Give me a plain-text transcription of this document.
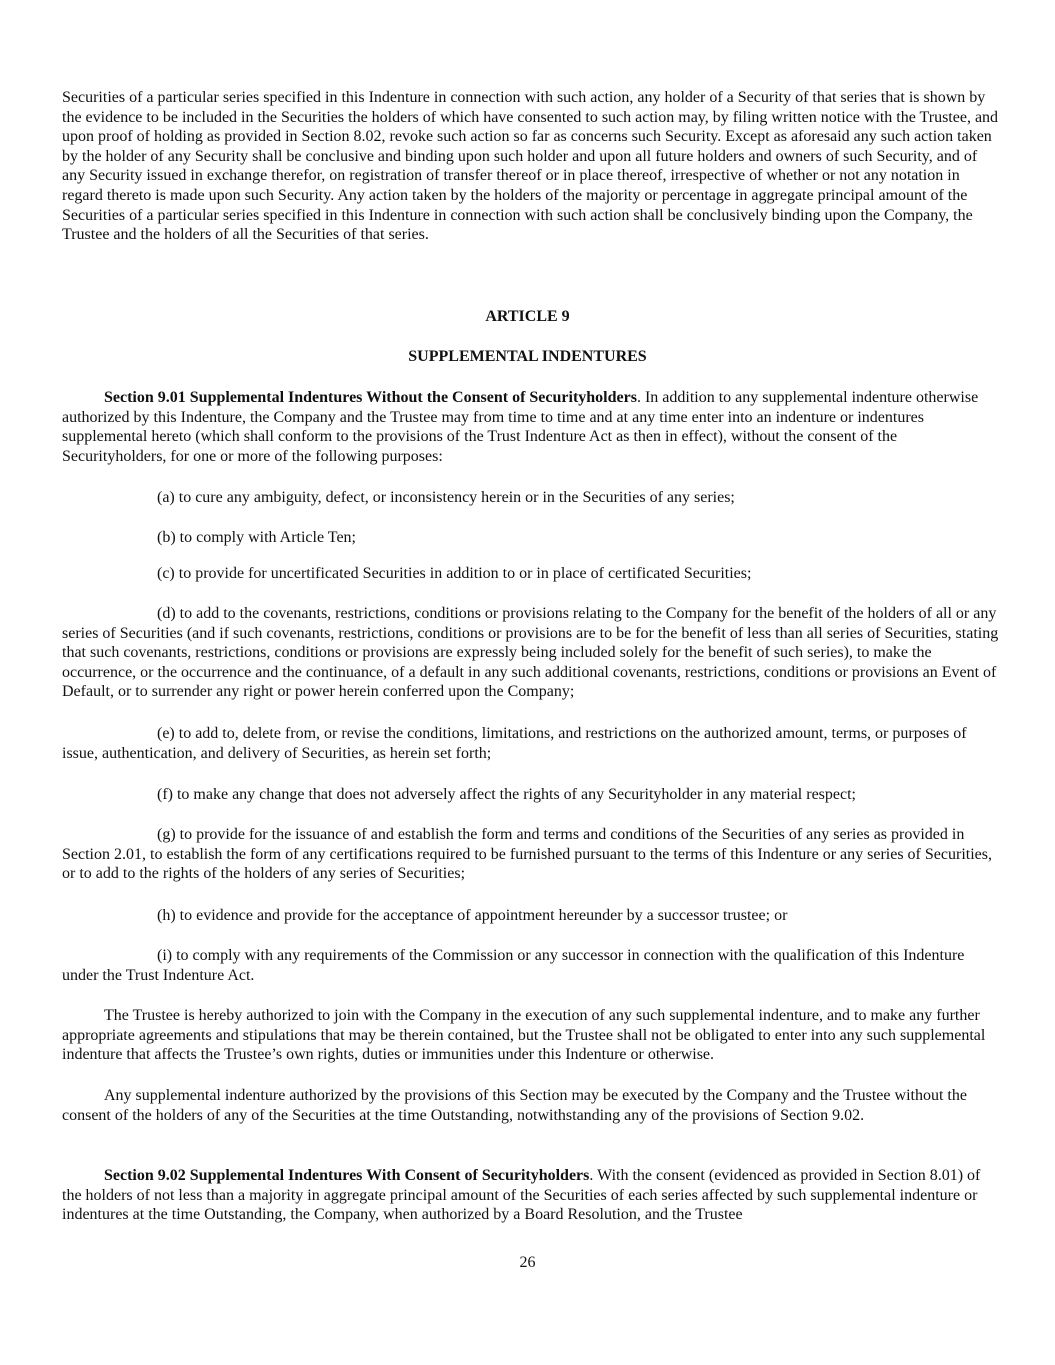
Securities of a particular series specified in this Indenture in connection with such action, any holder of a Security of that series that is shown by the evidence to be included in the Securities the holders of which have consented to such action may, by filing written notice with the Trustee, and upon proof of holding as provided in Section 8.02, revoke such action so far as concerns such Security. Except as aforesaid any such action taken by the holder of any Security shall be conclusive and binding upon such holder and upon all future holders and owners of such Security, and of any Security issued in exchange therefor, on registration of transfer thereof or in place thereof, irrespective of whether or not any notation in regard thereto is made upon such Security. Any action taken by the holders of the majority or percentage in aggregate principal amount of the Securities of a particular series specified in this Indenture in connection with such action shall be conclusively binding upon the Company, the Trustee and the holders of all the Securities of that series.

ARTICLE 9

SUPPLEMENTAL INDENTURES

Section 9.01 Supplemental Indentures Without the Consent of Securityholders. In addition to any supplemental indenture otherwise authorized by this Indenture, the Company and the Trustee may from time to time and at any time enter into an indenture or indentures supplemental hereto (which shall conform to the provisions of the Trust Indenture Act as then in effect), without the consent of the Securityholders, for one or more of the following purposes:

(a) to cure any ambiguity, defect, or inconsistency herein or in the Securities of any series;

(b) to comply with Article Ten;

(c) to provide for uncertificated Securities in addition to or in place of certificated Securities;

(d) to add to the covenants, restrictions, conditions or provisions relating to the Company for the benefit of the holders of all or any series of Securities (and if such covenants, restrictions, conditions or provisions are to be for the benefit of less than all series of Securities, stating that such covenants, restrictions, conditions or provisions are expressly being included solely for the benefit of such series), to make the occurrence, or the occurrence and the continuance, of a default in any such additional covenants, restrictions, conditions or provisions an Event of Default, or to surrender any right or power herein conferred upon the Company;

(e) to add to, delete from, or revise the conditions, limitations, and restrictions on the authorized amount, terms, or purposes of issue, authentication, and delivery of Securities, as herein set forth;

(f) to make any change that does not adversely affect the rights of any Securityholder in any material respect;

(g) to provide for the issuance of and establish the form and terms and conditions of the Securities of any series as provided in Section 2.01, to establish the form of any certifications required to be furnished pursuant to the terms of this Indenture or any series of Securities, or to add to the rights of the holders of any series of Securities;

(h) to evidence and provide for the acceptance of appointment hereunder by a successor trustee; or

(i) to comply with any requirements of the Commission or any successor in connection with the qualification of this Indenture under the Trust Indenture Act.

The Trustee is hereby authorized to join with the Company in the execution of any such supplemental indenture, and to make any further appropriate agreements and stipulations that may be therein contained, but the Trustee shall not be obligated to enter into any such supplemental indenture that affects the Trustee’s own rights, duties or immunities under this Indenture or otherwise.

Any supplemental indenture authorized by the provisions of this Section may be executed by the Company and the Trustee without the consent of the holders of any of the Securities at the time Outstanding, notwithstanding any of the provisions of Section 9.02.

Section 9.02 Supplemental Indentures With Consent of Securityholders. With the consent (evidenced as provided in Section 8.01) of the holders of not less than a majority in aggregate principal amount of the Securities of each series affected by such supplemental indenture or indentures at the time Outstanding, the Company, when authorized by a Board Resolution, and the Trustee

26
